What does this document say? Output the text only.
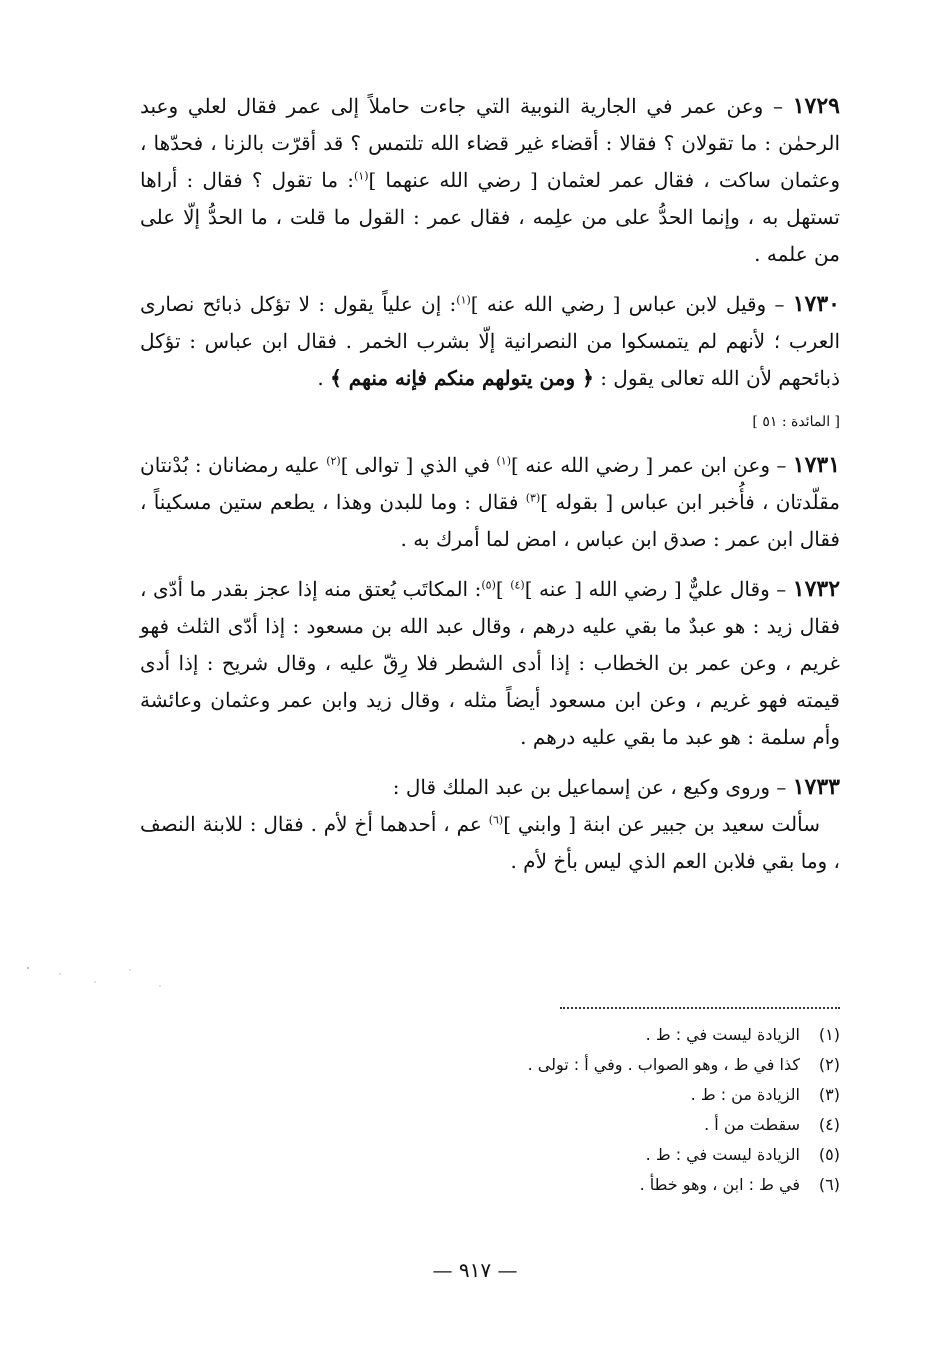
١٧٢٩ – وعن عمر في الجارية النوبية التي جاءت حاملاً إلى عمر فقال لعلي وعبد الرحمٰن : ما تقولان ؟ فقالا : أقضاء غير قضاء الله تلتمس ؟ قد أقرّت بالزنا ، فحدّها ، وعثمان ساكت ، فقال عمر لعثمان [ رضي الله عنهما ]$^{(١)}$: ما تقول ؟ فقال : أراها تستهل به ، وإنما الحدُّ على من علِمه ، فقال عمر : القول ما قلت ، ما الحدُّ إلّا على من علمه .

١٧٣٠ – وقيل لابن عباس [ رضي الله عنه ]$^{(١)}$: إن علياً يقول : لا تؤكل ذبائح نصارى العرب ؛ لأنهم لم يتمسكوا من النصرانية إلّا بشرب الخمر . فقال ابن عباس : تؤكل ذبائحهم لأن الله تعالى يقول : ﴿ ومن يتولهم منكم فإنه منهم ﴾ .

[ المائدة : ٥١ ]

١٧٣١ – وعن ابن عمر [ رضي الله عنه ]$^{(١)}$ في الذي [ توالى ]$^{(٢)}$ عليه رمضانان : بُدْنتان مقلّدتان ، فأُخبر ابن عباس [ بقوله ]$^{(٣)}$ فقال : وما للبدن وهذا ، يطعم ستين مسكيناً ، فقال ابن عمر : صدق ابن عباس ، امض لما أمرك به .

١٧٣٢ – وقال عليٌّ [ رضي الله [ عنه ]$^{(٤)}$ ]$^{(٥)}$: المكاتَب يُعتق منه إذا عجز بقدر ما أدّى ، فقال زيد : هو عبدٌ ما بقي عليه درهم ، وقال عبد الله بن مسعود : إذا أدّى الثلث فهو غريم ، وعن عمر بن الخطاب : إذا أدى الشطر فلا رِقّ عليه ، وقال شريح : إذا أدى قيمته فهو غريم ، وعن ابن مسعود أيضاً مثله ، وقال زيد وابن عمر وعثمان وعائشة وأم سلمة : هو عبد ما بقي عليه درهم .

١٧٣٣ – وروى وكيع ، عن إسماعيل بن عبد الملك قال :

سألت سعيد بن جبير عن ابنة [ وابني ]$^{(٦)}$ عم ، أحدهما أخ لأم . فقال : للابنة النصف ، وما بقي فلابن العم الذي ليس بأخ لأم .

(١)
الزيادة ليست في : ط .
(٢)
كذا في ط ، وهو الصواب . وفي أ : تولى .
(٣)
الزيادة من : ط .
(٤)
سقطت من أ .
(٥)
الزيادة ليست في : ط .
(٦)
في ط : ابن ، وهو خطأ .
— ٩١٧ —
